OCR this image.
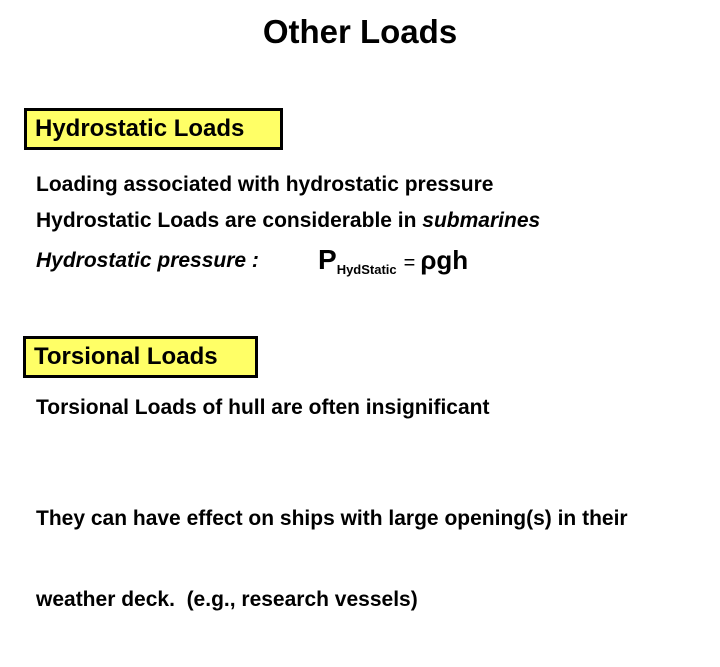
Other Loads
Hydrostatic Loads
Loading associated with hydrostatic pressure
Hydrostatic Loads are considerable in submarines
Hydrostatic pressure : P HydStatic = ρgh
Torsional Loads
Torsional Loads of hull are often insignificant

They can have effect on ships with large opening(s) in their

weather deck.  (e.g., research vessels)
